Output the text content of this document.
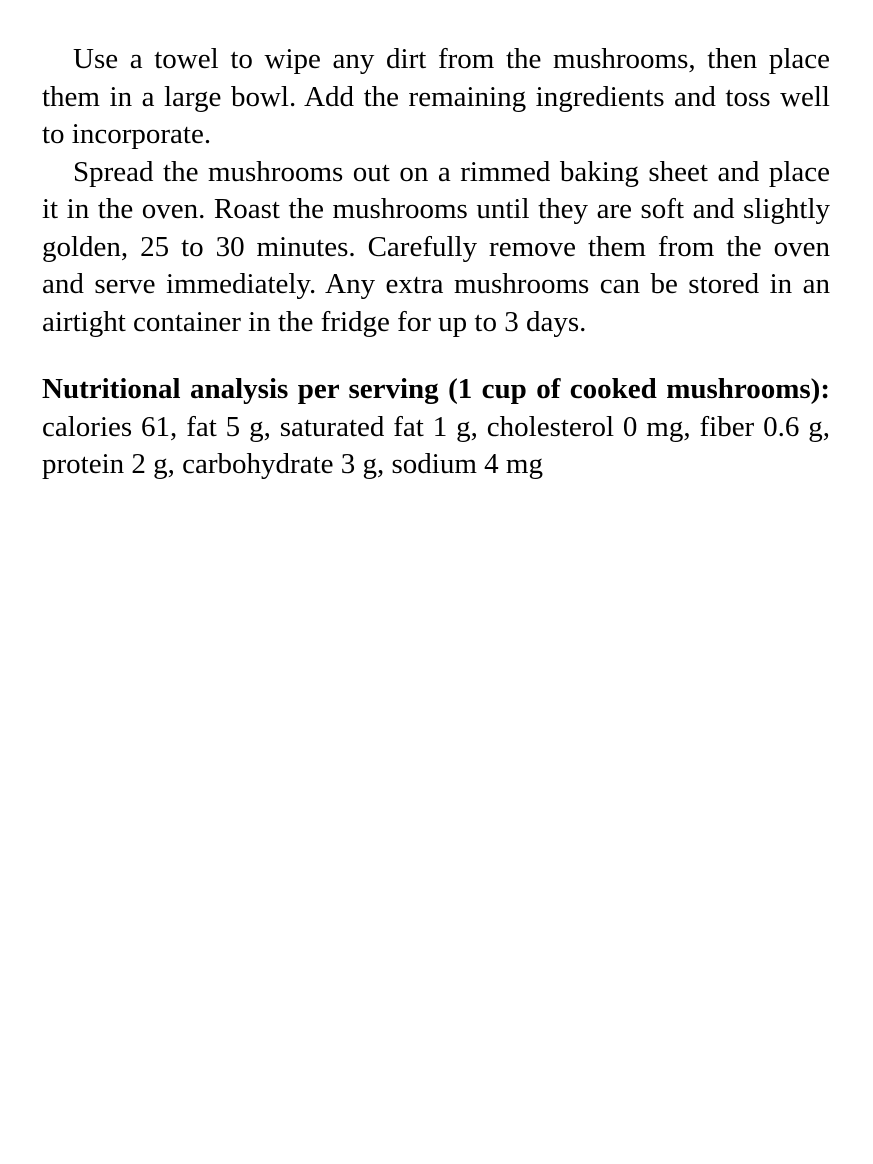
Use a towel to wipe any dirt from the mushrooms, then place them in a large bowl. Add the remaining ingredients and toss well to incorporate.

Spread the mushrooms out on a rimmed baking sheet and place it in the oven. Roast the mushrooms until they are soft and slightly golden, 25 to 30 minutes. Carefully remove them from the oven and serve immediately. Any extra mushrooms can be stored in an airtight container in the fridge for up to 3 days.

Nutritional analysis per serving (1 cup of cooked mushrooms): calories 61, fat 5 g, saturated fat 1 g, cholesterol 0 mg, fiber 0.6 g, protein 2 g, carbohydrate 3 g, sodium 4 mg
